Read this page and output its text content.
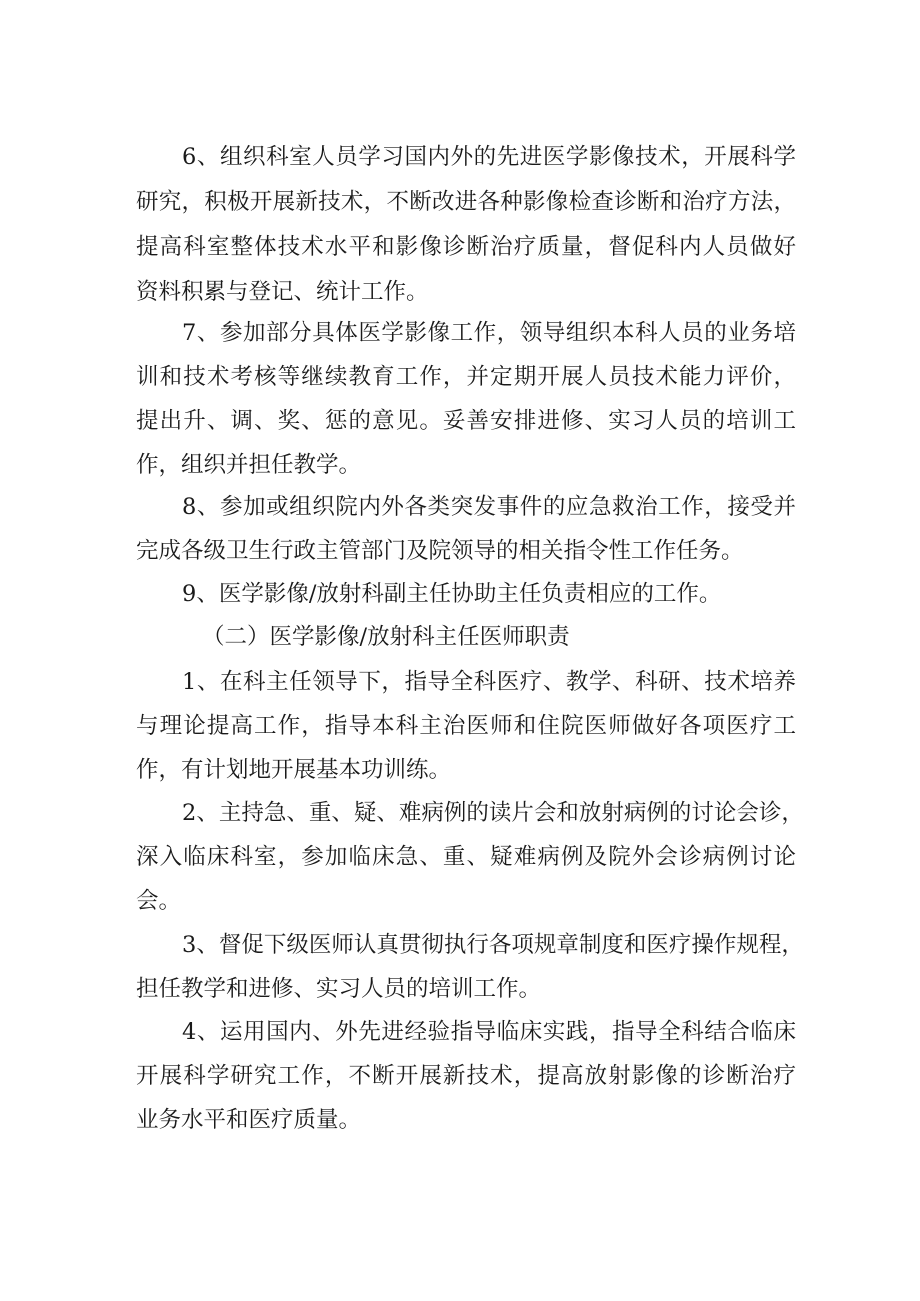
6、组织科室人员学习国内外的先进医学影像技术，开展科学
研究，积极开展新技术，不断改进各种影像检查诊断和治疗方法，
提高科室整体技术水平和影像诊断治疗质量，督促科内人员做好
资料积累与登记、统计工作。
7、参加部分具体医学影像工作，领导组织本科人员的业务培
训和技术考核等继续教育工作，并定期开展人员技术能力评价，
提出升、调、奖、惩的意见。妥善安排进修、实习人员的培训工
作，组织并担任教学。
8、参加或组织院内外各类突发事件的应急救治工作，接受并
完成各级卫生行政主管部门及院领导的相关指令性工作任务。
9、医学影像/放射科副主任协助主任负责相应的工作。
（二）医学影像/放射科主任医师职责
1、在科主任领导下，指导全科医疗、教学、科研、技术培养
与理论提高工作，指导本科主治医师和住院医师做好各项医疗工
作，有计划地开展基本功训练。
2、主持急、重、疑、难病例的读片会和放射病例的讨论会诊，
深入临床科室，参加临床急、重、疑难病例及院外会诊病例讨论
会。
3、督促下级医师认真贯彻执行各项规章制度和医疗操作规程，
担任教学和进修、实习人员的培训工作。
4、运用国内、外先进经验指导临床实践，指导全科结合临床
开展科学研究工作，不断开展新技术，提高放射影像的诊断治疗
业务水平和医疗质量。
